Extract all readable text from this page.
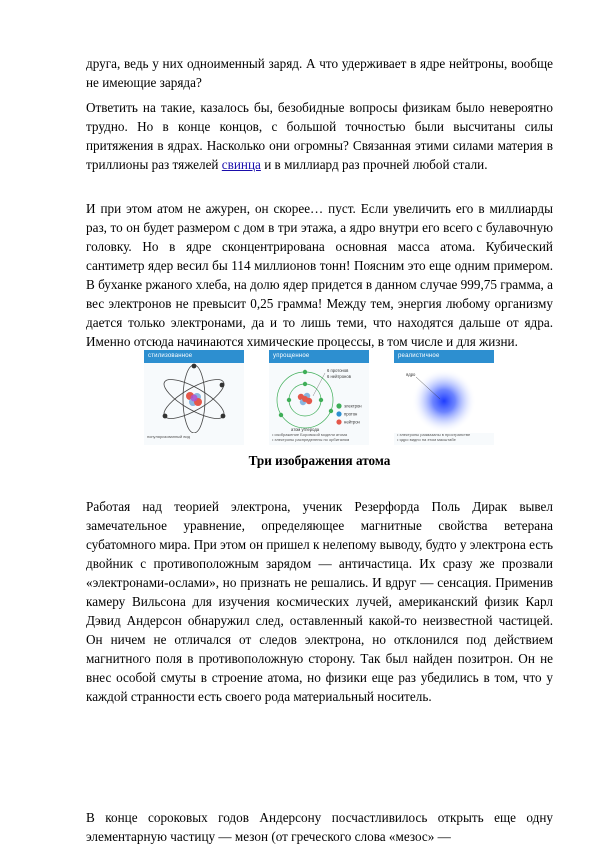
друга, ведь у них одноименный заряд. А что удерживает в ядре нейтроны, вообще не имеющие заряда?

Ответить на такие, казалось бы, безобидные вопросы физикам было невероятно трудно. Но в конце концов, с большой точностью были высчитаны силы притяжения в ядрах. Насколько они огромны? Связанная этими силами материя в триллионы раз тяжелей свинца и в миллиард раз прочней любой стали.

И при этом атом не ажурен, он скорее… пуст. Если увеличить его в миллиарды раз, то он будет размером с дом в три этажа, а ядро внутри его всего с булавочную головку. Но в ядре сконцентрирована основная масса атома. Кубический сантиметр ядер весил бы 114 миллионов тонн! Поясним это еще одним примером. В буханке ржаного хлеба, на долю ядер придется в данном случае 999,75 грамма, а вес электронов не превысит 0,25 грамма! Между тем, энергия любому организму дается только электронами, да и то лишь теми, что находятся дальше от ядра. Именно отсюда начинаются химические процессы, в том числе и для жизни.

стилизованное
популяризованный вид
упрощенное
6 протонов
6 нейтронов
электрон
протон
нейтрон
атом углерода
• изображение Боровской модели атома
• электроны распределены по орбиталям
реалистичное
ядро
• электроны размазаны в пространстве
• ядро видно на этом масштабе
Три изображения атома

Работая над теорией электрона, ученик Резерфорда Поль Дирак вывел замечательное уравнение, определяющее магнитные свойства ветерана субатомного мира. При этом он пришел к нелепому выводу, будто у электрона есть двойник с противоположным зарядом — античастица. Их сразу же прозвали «электронами-ослами», но признать не решались. И вдруг — сенсация. Применив камеру Вильсона для изучения космических лучей, американский физик Карл Дэвид Андерсон обнаружил след, оставленный какой-то неизвестной частицей. Он ничем не отличался от следов электрона, но отклонился под действием магнитного поля в противоположную сторону. Так был найден позитрон. Он не внес особой смуты в строение атома, но физики еще раз убедились в том, что у каждой странности есть своего рода материальный носитель.

В конце сороковых годов Андерсону посчастливилось открыть еще одну элементарную частицу — мезон (от греческого слова «мезос» —
